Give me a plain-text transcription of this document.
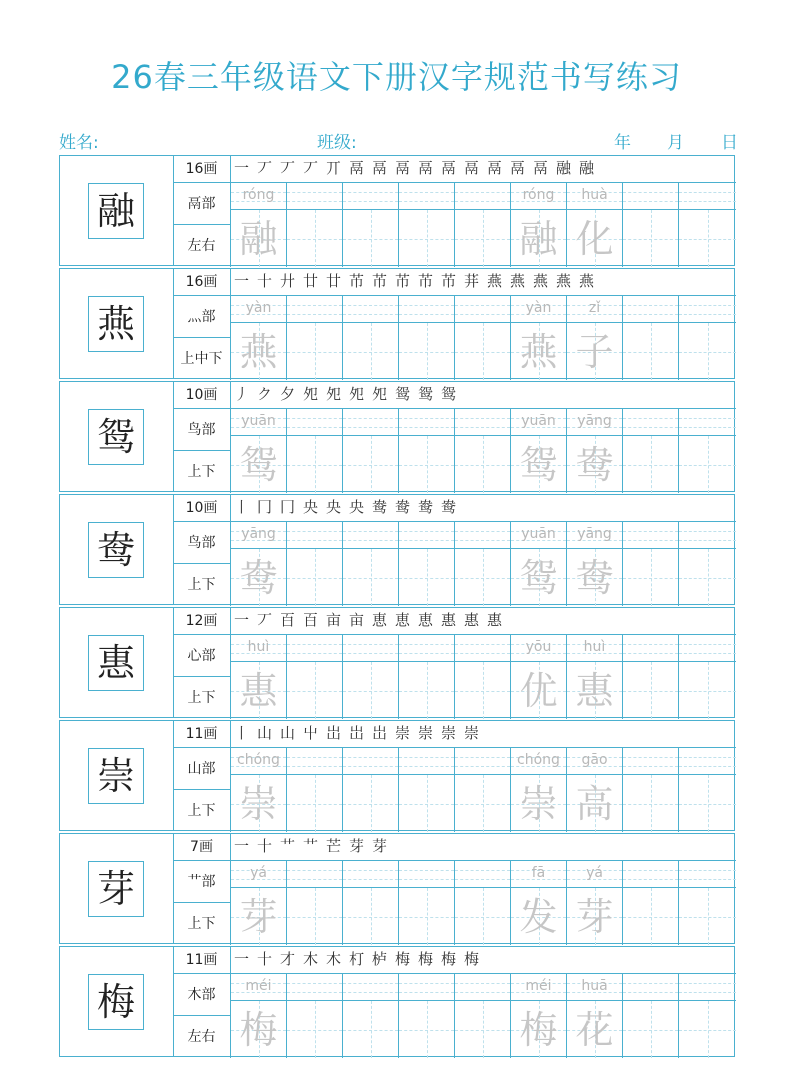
26春三年级语文下册汉字规范书写练习
姓名:	班级:	年 月 日
融
16画
鬲部
左右
一 丆 丆 丆 丌 鬲 鬲 鬲 鬲 鬲 鬲 鬲 鬲 鬲 融 融
róng
融
róng
融
huà
化
燕
16画
灬部
上中下
一 十 廾 廿 廿 芇 芇 芇 芇 芇 荓 燕 燕 燕 燕 燕
yàn
燕
yàn
燕
zǐ
子
鸳
10画
鸟部
上下
丿 ク 夕 夗 夗 夗 夗 鸳 鸳 鸳
yuān
鸳
yuān
鸳
yāng
鸯
鸯
10画
鸟部
上下
丨 冂 冂 央 央 央 鸯 鸯 鸯 鸯
yāng
鸯
yuān
鸳
yāng
鸯
惠
12画
心部
上下
一 丆 百 百 亩 亩 恵 恵 恵 惠 惠 惠
huì
惠
yōu
优
huì
惠
崇
11画
山部
上下
丨 山 山 屮 岀 岀 岀 崇 崇 崇 崇
chóng
崇
chóng
崇
gāo
高
芽
7画
艹部
上下
一 十 艹 艹 芒 芽 芽
yá
芽
fā
发
yá
芽
梅
11画
木部
左右
一 十 才 木 木 朾 栌 梅 梅 梅 梅
méi
梅
méi
梅
huā
花
